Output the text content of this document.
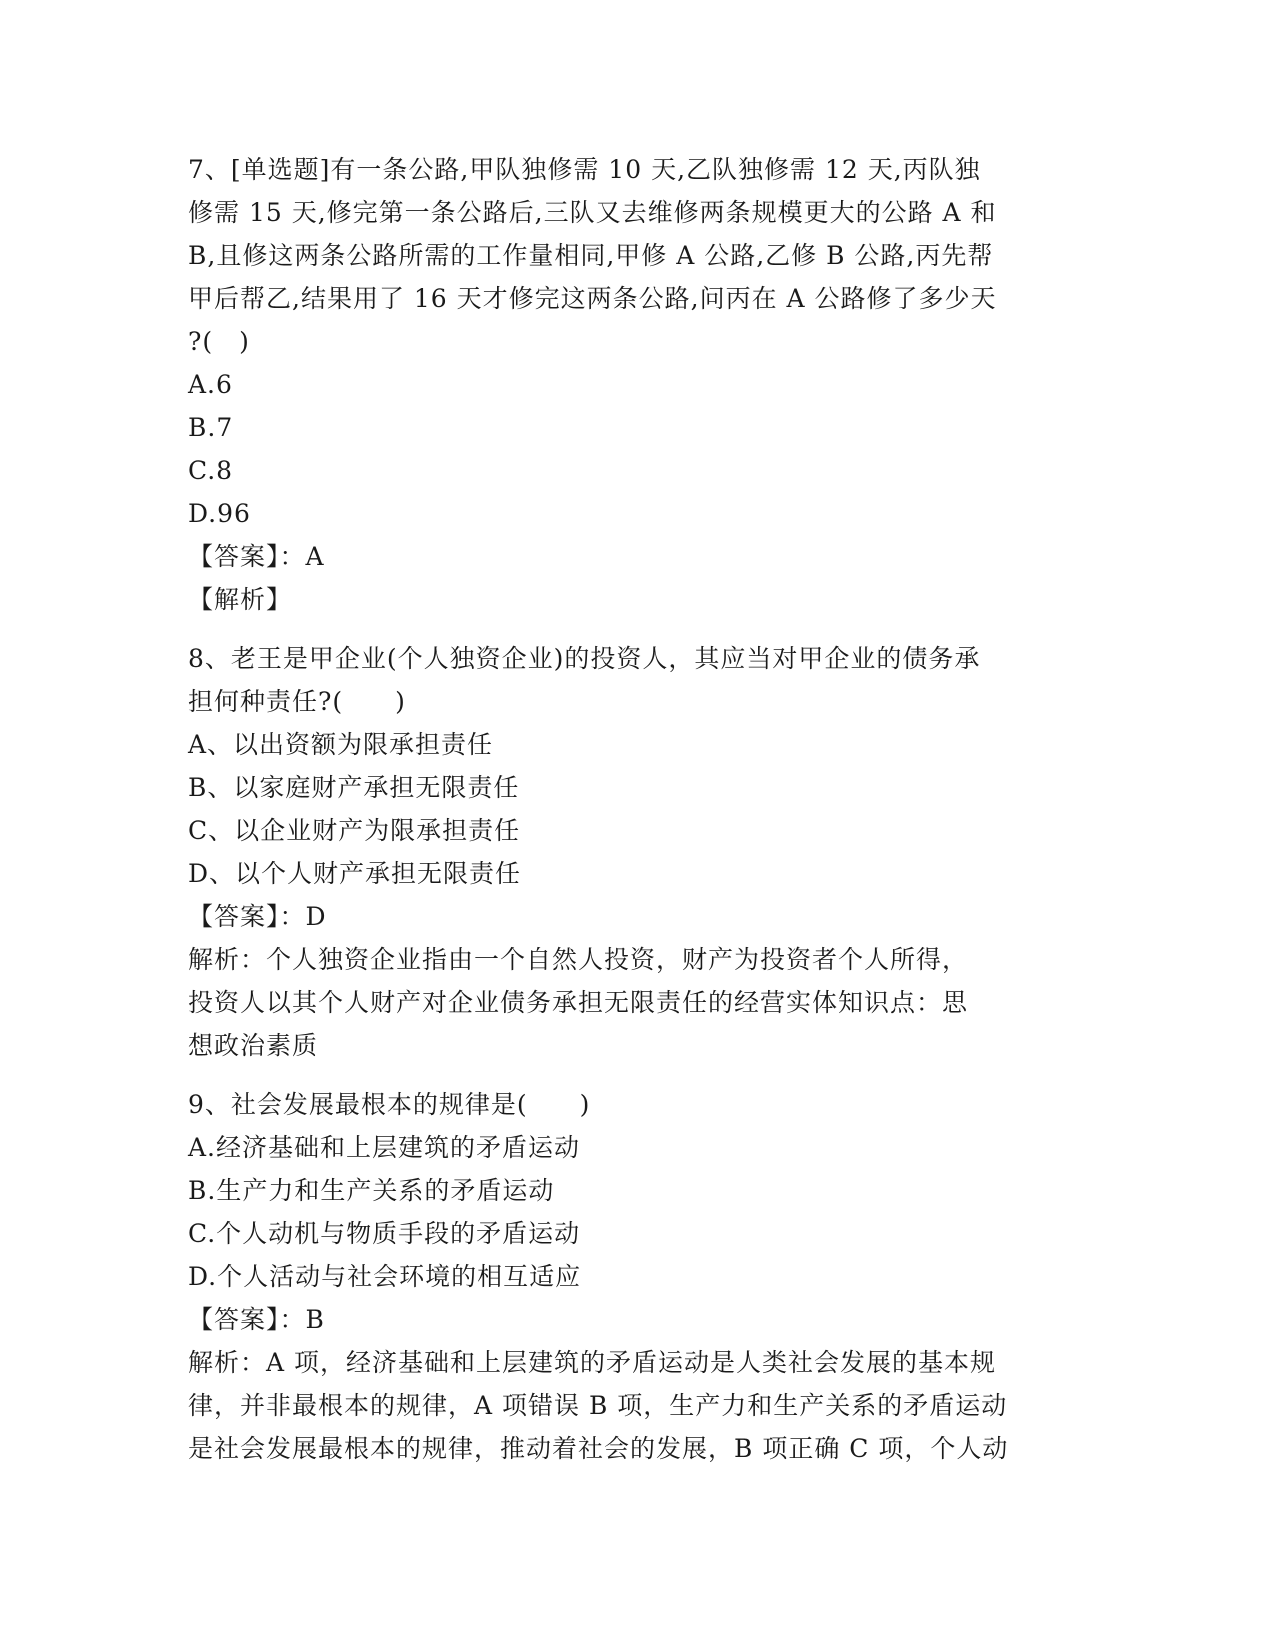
7、[单选题]有一条公路,甲队独修需 10 天,乙队独修需 12 天,丙队独
修需 15 天,修完第一条公路后,三队又去维修两条规模更大的公路 A 和
B,且修这两条公路所需的工作量相同,甲修 A 公路,乙修 B 公路,丙先帮
甲后帮乙,结果用了 16 天才修完这两条公路,问丙在 A 公路修了多少天
?(　)
A.6
B.7
C.8
D.96
【答案】：A
【解析】
8、老王是甲企业(个人独资企业)的投资人，其应当对甲企业的债务承
担何种责任?(　　)
A、以出资额为限承担责任
B、以家庭财产承担无限责任
C、以企业财产为限承担责任
D、以个人财产承担无限责任
【答案】：D
解析：个人独资企业指由一个自然人投资，财产为投资者个人所得，
投资人以其个人财产对企业债务承担无限责任的经营实体知识点：思
想政治素质
9、社会发展最根本的规律是(　　)
A.经济基础和上层建筑的矛盾运动
B.生产力和生产关系的矛盾运动
C.个人动机与物质手段的矛盾运动
D.个人活动与社会环境的相互适应
【答案】：B
解析：A 项，经济基础和上层建筑的矛盾运动是人类社会发展的基本规
律，并非最根本的规律，A 项错误 B 项，生产力和生产关系的矛盾运动
是社会发展最根本的规律，推动着社会的发展，B 项正确 C 项，个人动
